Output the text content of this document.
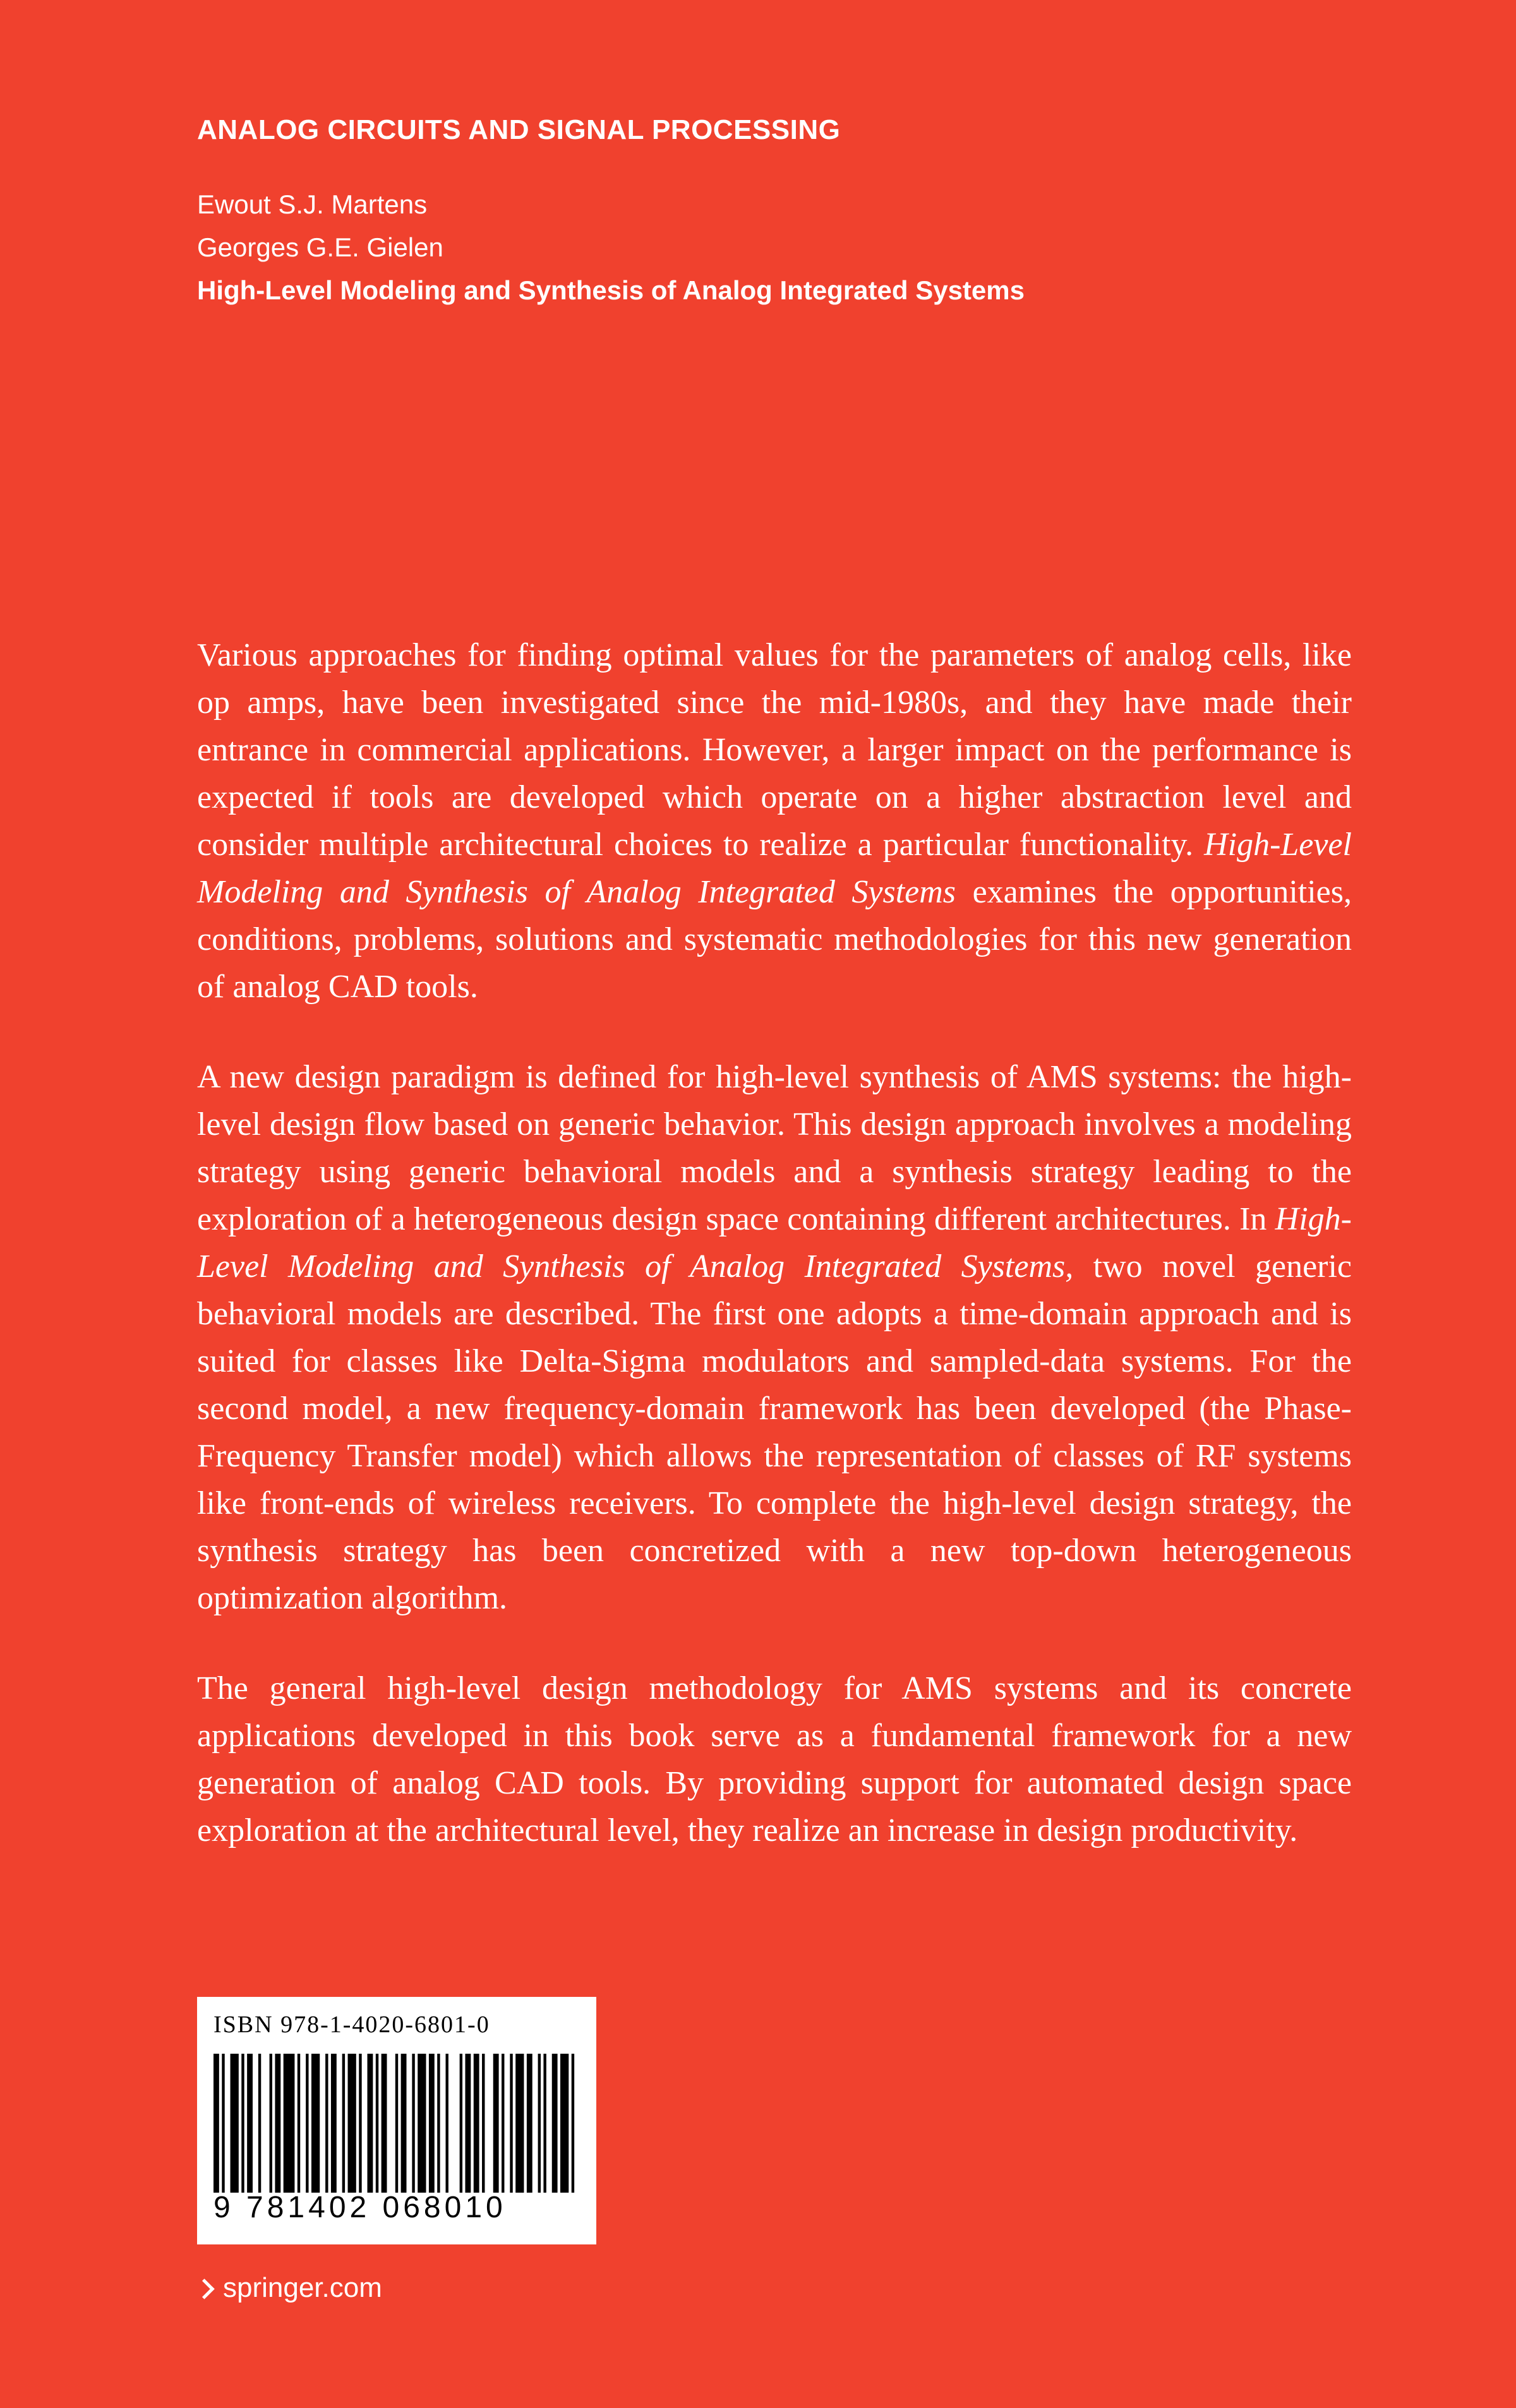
ANALOG CIRCUITS AND SIGNAL PROCESSING
Ewout S.J. Martens
Georges G.E. Gielen
High-Level Modeling and Synthesis of Analog Integrated Systems

Various approaches for finding optimal values for the parameters of analog cells, like op amps, have been investigated since the mid-1980s, and they have made their entrance in commercial applications. However, a larger impact on the performance is expected if tools are developed which operate on a higher abstraction level and consider multiple architectural choices to realize a particular functionality. High-Level Modeling and Synthesis of Analog Integrated Systems examines the opportunities, conditions, problems, solutions and systematic methodologies for this new generation of analog CAD tools.

A new design paradigm is defined for high-level synthesis of AMS systems: the high-level design flow based on generic behavior. This design approach involves a modeling strategy using generic behavioral models and a synthesis strategy leading to the exploration of a heterogeneous design space containing different architectures. In High-Level Modeling and Synthesis of Analog Integrated Systems, two novel generic behavioral models are described. The first one adopts a time-domain approach and is suited for classes like Delta-Sigma modulators and sampled-data systems. For the second model, a new frequency-domain framework has been developed (the Phase- Frequency Transfer model) which allows the representation of classes of RF systems like front-ends of wireless receivers. To complete the high-level design strategy, the synthesis strategy has been concretized with a new top-down heterogeneous optimization algorithm.

The general high-level design methodology for AMS systems and its concrete applications developed in this book serve as a fundamental framework for a new generation of analog CAD tools. By providing support for automated design space exploration at the architectural level, they realize an increase in design productivity.

ISBN 978-1-4020-6801-0
9 781402 068010
springer.com
